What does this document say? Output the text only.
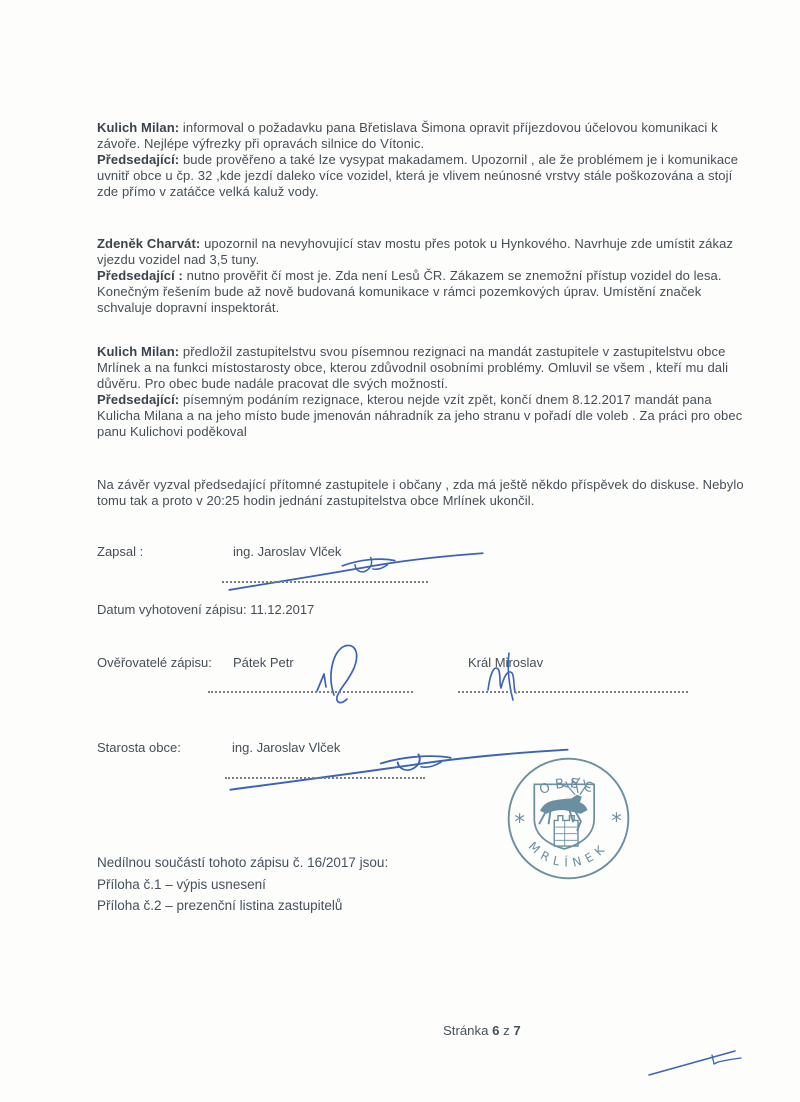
Kulich Milan: informoval o požadavku pana Břetislava Šimona opravit příjezdovou účelovou komunikaci k závoře. Nejlépe výfrezky při opravách silnice do Vítonic.
Předsedající: bude prověřeno a také lze vysypat makadamem. Upozornil , ale že problémem je i komunikace uvnitř obce u čp. 32 ,kde jezdí daleko více vozidel, která je vlivem neúnosné vrstvy stále poškozována a stojí zde přímo v zatáčce velká kaluž vody.

Zdeněk Charvát: upozornil na nevyhovující stav mostu přes potok u Hynkového. Navrhuje zde umístit zákaz vjezdu vozidel nad 3,5 tuny.
Předsedající : nutno prověřit čí most je. Zda není Lesů ČR. Zákazem se znemožní přístup vozidel do lesa. Konečným řešením bude až nově budovaná komunikace v rámci pozemkových úprav. Umístění značek schvaluje dopravní inspektorát.

Kulich Milan: předložil zastupitelstvu svou písemnou rezignaci na mandát zastupitele v zastupitelstvu obce Mrlínek a na funkci místostarosty obce, kterou zdůvodnil osobními problémy. Omluvil se všem , kteří mu dali důvěru. Pro obec bude nadále pracovat dle svých možností.
Předsedající: písemným podáním rezignace, kterou nejde vzít zpět, končí dnem 8.12.2017 mandát pana Kulicha Milana a na jeho místo bude jmenován náhradník za jeho stranu v pořadí dle voleb . Za práci pro obec panu Kulichovi poděkoval

Na závěr vyzval předsedající přítomné zastupitele i občany , zda má ještě někdo příspěvek do diskuse. Nebylo tomu tak a proto v 20:25 hodin jednání zastupitelstva obce Mrlínek ukončil.

Zapsal :	ing. Jaroslav Vlček
Datum vyhotovení zápisu: 11.12.2017
Ověřovatelé zápisu: Pátek Petr	Král Miroslav
Starosta obce:	ing. Jaroslav Vlček
OBEC
MRLÍNEK
*	*

Nedílnou součástí tohoto zápisu č. 16/2017 jsou:
Příloha č.1 – výpis usnesení
Příloha č.2 – prezenční listina zastupitelů

Stránka 6 z 7
